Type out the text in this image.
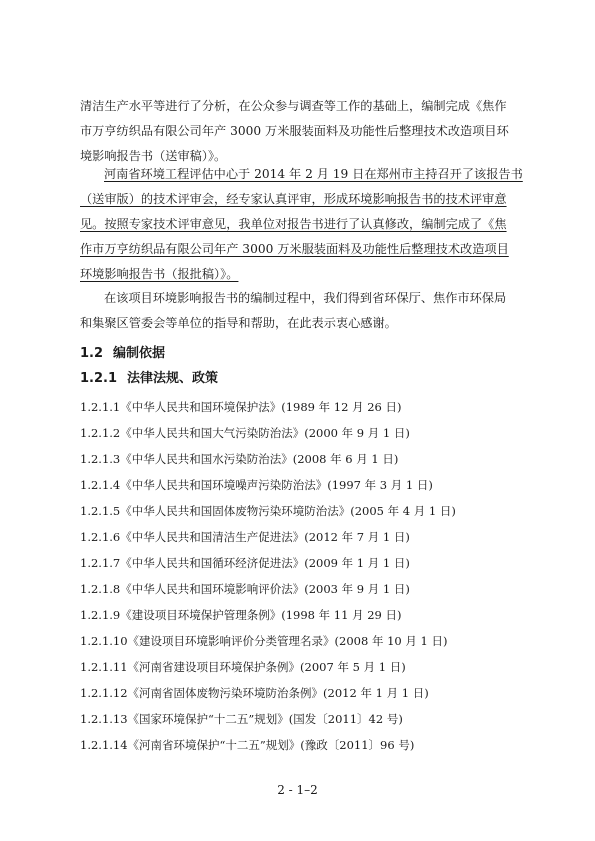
清洁生产水平等进行了分析，在公众参与调查等工作的基础上，编制完成《焦作
市万亨纺织品有限公司年产 3000 万米服装面料及功能性后整理技术改造项目环
境影响报告书（送审稿）》。
河南省环境工程评估中心于 2014 年 2 月 19 日在郑州市主持召开了该报告书
（送审版）的技术评审会，经专家认真评审，形成环境影响报告书的技术评审意
见。按照专家技术评审意见，我单位对报告书进行了认真修改，编制完成了《焦
作市万亨纺织品有限公司年产 3000 万米服装面料及功能性后整理技术改造项目
环境影响报告书（报批稿）》。
在该项目环境影响报告书的编制过程中，我们得到省环保厅、焦作市环保局
和集聚区管委会等单位的指导和帮助，在此表示衷心感谢。
1.2 编制依据
1.2.1 法律法规、政策
1.2.1.1《中华人民共和国环境保护法》(1989 年 12 月 26 日)
1.2.1.2《中华人民共和国大气污染防治法》(2000 年 9 月 1 日)
1.2.1.3《中华人民共和国水污染防治法》(2008 年 6 月 1 日)
1.2.1.4《中华人民共和国环境噪声污染防治法》(1997 年 3 月 1 日)
1.2.1.5《中华人民共和国固体废物污染环境防治法》(2005 年 4 月 1 日)
1.2.1.6《中华人民共和国清洁生产促进法》(2012 年 7 月 1 日)
1.2.1.7《中华人民共和国循环经济促进法》(2009 年 1 月 1 日)
1.2.1.8《中华人民共和国环境影响评价法》(2003 年 9 月 1 日)
1.2.1.9《建设项目环境保护管理条例》(1998 年 11 月 29 日)
1.2.1.10《建设项目环境影响评价分类管理名录》(2008 年 10 月 1 日)
1.2.1.11《河南省建设项目环境保护条例》(2007 年 5 月 1 日)
1.2.1.12《河南省固体废物污染环境防治条例》(2012 年 1 月 1 日)
1.2.1.13《国家环境保护“十二五”规划》(国发〔2011〕42 号)
1.2.1.14《河南省环境保护“十二五”规划》(豫政〔2011〕96 号)
2 - 1–2
